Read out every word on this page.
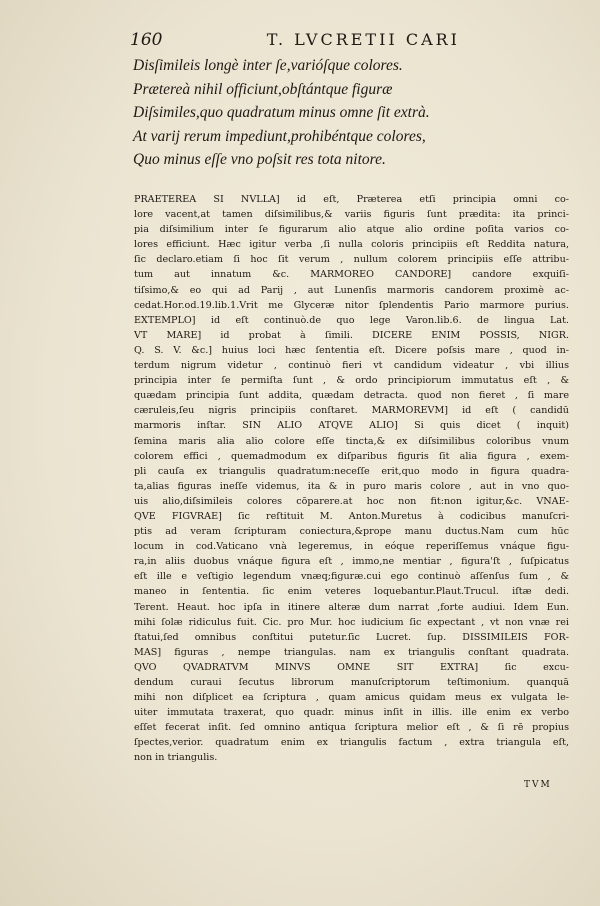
160	T. LVCRETII CARI
Disſimileis longè inter ſe,varióſque colores.
Prætereà nihil officiunt,obſtántque figuræ
Diſsimiles,quo quadratum minus omne ſit extrà.
At varij rerum impediunt,prohibéntque colores,
Quo minus eſſe vno poſsit res tota nitore.
PRAETEREA SI NVLLA] id eſt, Præterea etſi principia omni co-
lore vacent,at tamen diſsimilibus,& variis figuris ſunt prædita: ita princi-
pia diſsimilium inter ſe figurarum alio atque alio ordine poſita varios co-
lores efficiunt. Hæc igitur verba ,ſi nulla coloris principiis eſt Reddita natura,
ſic declaro.etiam ſi hoc ſit verum , nullum colorem principiis eſſe attribu-
tum aut innatum &c. MARMOREO CANDORE] candore exquiſi-
tiſsimo,& eo qui ad Parij , aut Lunenſis marmoris candorem proximè ac-
cedat.Hor.od.19.lib.1.Vrit me Glyceræ nitor ſplendentis Pario marmore purius.
EXTEMPLO] id eſt continuò.de quo lege Varon.lib.6. de lingua Lat.
VT MARE] id probat à ſimili. DICERE ENIM POSSIS, NIGR.
Q. S. V. &c.] huius loci hæc ſententia eſt. Dicere poſsis mare , quod in-
terdum nigrum videtur , continuò fieri vt candidum videatur , vbi illius
principia inter ſe permiſta ſunt , & ordo principiorum immutatus eſt , &
quædam principia ſunt addita, quædam detracta. quod non fieret , ſi mare
cæruleis,ſeu nigris principiis conſtaret. MARMOREVM] id eſt ( candidū
marmoris inſtar. SIN ALIO ATQVE ALIO] Si quis dicet ( inquit)
ſemina maris alia alio colore eſſe tincta,& ex diſsimilibus coloribus vnum
colorem effici , quemadmodum ex diſparibus figuris ſit alia figura , exem-
pli cauſa ex triangulis quadratum:neceſſe erit,quo modo in figura quadra-
ta,alias figuras ineſſe videmus, ita & in puro maris colore , aut in vno quo-
uis alio,diſsimileis colores cōparere.at hoc non fit:non igitur,&c. VNAE-
QVE FIGVRAE] ſic reſtituit M. Anton.Muretus à codicibus manuſcri-
ptis ad veram ſcripturam coniectura,&prope manu ductus.Nam cum hūc
locum in cod.Vaticano vnà legeremus, in eóque reperiſſemus vnáque figu-
ra,in aliis duobus vnáque figura eſt , immo,ne mentiar , figura'ſt , ſuſpicatus
eſt ille e veſtigio legendum vnæq;figuræ.cui ego continuò aſſenſus ſum , &
maneo in ſententia. ſic enim veteres loquebantur.Plaut.Trucul. iſtæ dedi.
Terent. Heaut. hoc ipſa in itinere alteræ dum narrat ,forte audiui. Idem Eun.
mihi ſolæ ridiculus fuit. Cic. pro Mur. hoc iudicium ſic expectant , vt non vnæ rei
ſtatui,ſed omnibus conſtitui putetur.ſic Lucret. ſup. DISSIMILEIS FOR-
MAS] figuras , nempe triangulas. nam ex triangulis conſtant quadrata.
QVO QVADRATVM MINVS OMNE SIT EXTRA] ſic excu-
dendum curaui ſecutus librorum manuſcriptorum teſtimonium. quanquā
mihi non diſplicet ea ſcriptura , quam amicus quidam meus ex vulgata le-
uiter immutata traxerat, quo quadr. minus inſit in illis. ille enim ex verbo
eſſet fecerat inſit. ſed omnino antiqua ſcriptura melior eſt , & ſi rē propius
ſpectes,verior. quadratum enim ex triangulis factum , extra triangula eſt,
non in triangulis.
TVM
